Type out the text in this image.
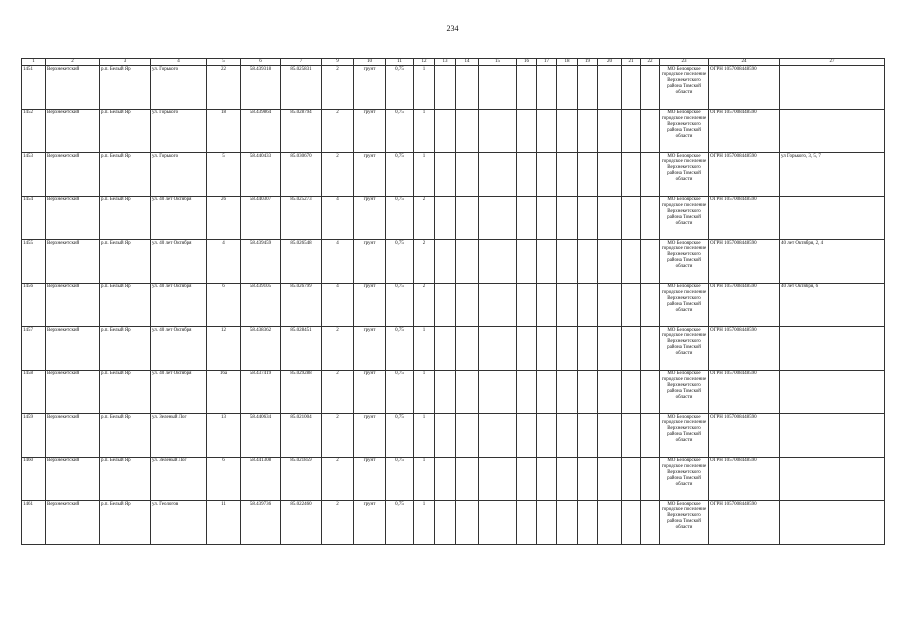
234
1	2	3	4	5	6	7	9	10	11	12	13	14	15	16	17	18	19	20	21	22	23	24	27
1451	Верхнекетский	р.п. Белый Яр	ул. Горького	22	58.439318	85.025831	2	грунт	0,75	1											МО Белоярское городское поселение Верхнекетского района Томской области	ОГРН 1057008448590	
1452	Верхнекетский	р.п. Белый Яр	ул. Горького	18	58.439864	85.028794	2	грунт	0,75	1											МО Белоярское городское поселение Верхнекетского района Томской области	ОГРН 1057008448590	
1453	Верхнекетский	р.п. Белый Яр	ул. Горького	5	58.440433	85.030670	2	грунт	0,75	1											МО Белоярское городское поселение Верхнекетского района Томской области	ОГРН 1057008448590	ул Горького, 3, 5, 7
1454	Верхнекетский	р.п. Белый Яр	ул. 40 лет Октября	26	58.440307	85.025273	4	грунт	0,75	2											МО Белоярское городское поселение Верхнекетского района Томской области	ОГРН 1057008448590	
1455	Верхнекетский	р.п. Белый Яр	ул. 40 лет Октября	4	58.439459	85.026548	4	грунт	0,75	2											МО Белоярское городское поселение Верхнекетского района Томской области	ОГРН 1057008448590	40 лет Октября, 2, 4
1456	Верхнекетский	р.п. Белый Яр	ул. 40 лет Октября	6	58.439105	85.026799	4	грунт	0,75	2											МО Белоярское городское поселение Верхнекетского района Томской области	ОГРН 1057008448590	40 лет Октября, 6
1457	Верхнекетский	р.п. Белый Яр	ул. 40 лет Октября	12	58.438362	85.028451	2	грунт	0,75	1											МО Белоярское городское поселение Верхнекетского района Томской области	ОГРН 1057008448590	
1458	Верхнекетский	р.п. Белый Яр	ул. 40 лет Октября	16а	58.437419	85.029288	2	грунт	0,75	1											МО Белоярское городское поселение Верхнекетского района Томской области	ОГРН 1057008448590	
1459	Верхнекетский	р.п. Белый Яр	ул. Зеленый Лог	13	58.440634	85.021004	2	грунт	0,75	1											МО Белоярское городское поселение Верхнекетского района Томской области	ОГРН 1057008448590	
1460	Верхнекетский	р.п. Белый Яр	ул. Зеленый Лог	6	58.441308	85.021859	2	грунт	0,75	1											МО Белоярское городское поселение Верхнекетского района Томской области	ОГРН 1057008448590	
1461	Верхнекетский	р.п. Белый Яр	ул. Геологов	11	58.439736	85.022460	2	грунт	0,75	1											МО Белоярское городское поселение Верхнекетского района Томской области	ОГРН 1057008448590	
